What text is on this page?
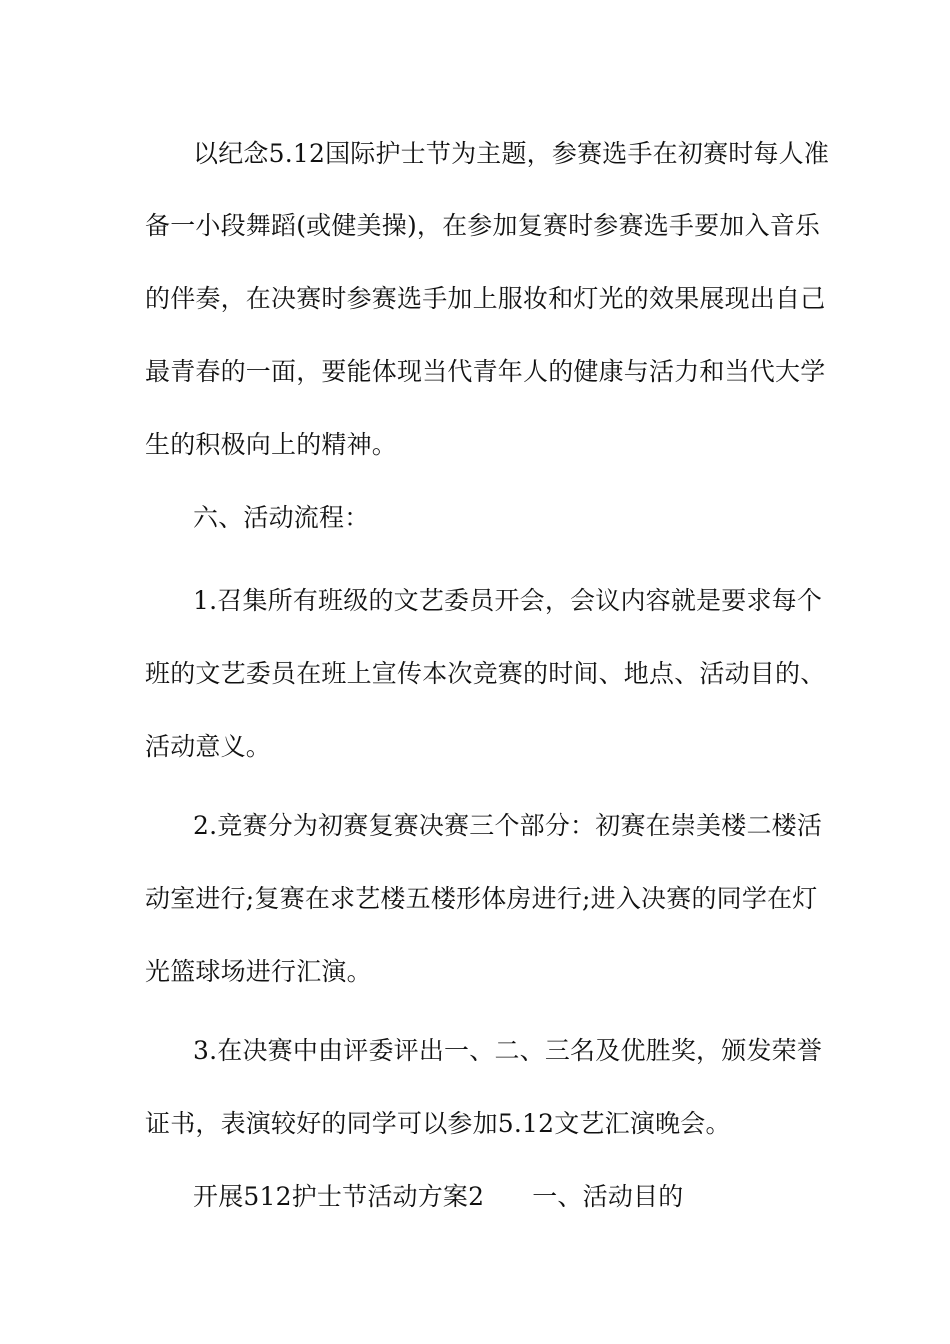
以纪念5.12国际护士节为主题，参赛选手在初赛时每人准
备一小段舞蹈(或健美操)，在参加复赛时参赛选手要加入音乐
的伴奏，在决赛时参赛选手加上服妆和灯光的效果展现出自己
最青春的一面，要能体现当代青年人的健康与活力和当代大学
生的积极向上的精神。
六、活动流程：
1.召集所有班级的文艺委员开会，会议内容就是要求每个
班的文艺委员在班上宣传本次竞赛的时间、地点、活动目的、
活动意义。
2.竞赛分为初赛复赛决赛三个部分：初赛在崇美楼二楼活
动室进行;复赛在求艺楼五楼形体房进行;进入决赛的同学在灯
光篮球场进行汇演。
3.在决赛中由评委评出一、二、三名及优胜奖，颁发荣誉
证书，表演较好的同学可以参加5.12文艺汇演晚会。
开展512护士节活动方案2 一、活动目的
